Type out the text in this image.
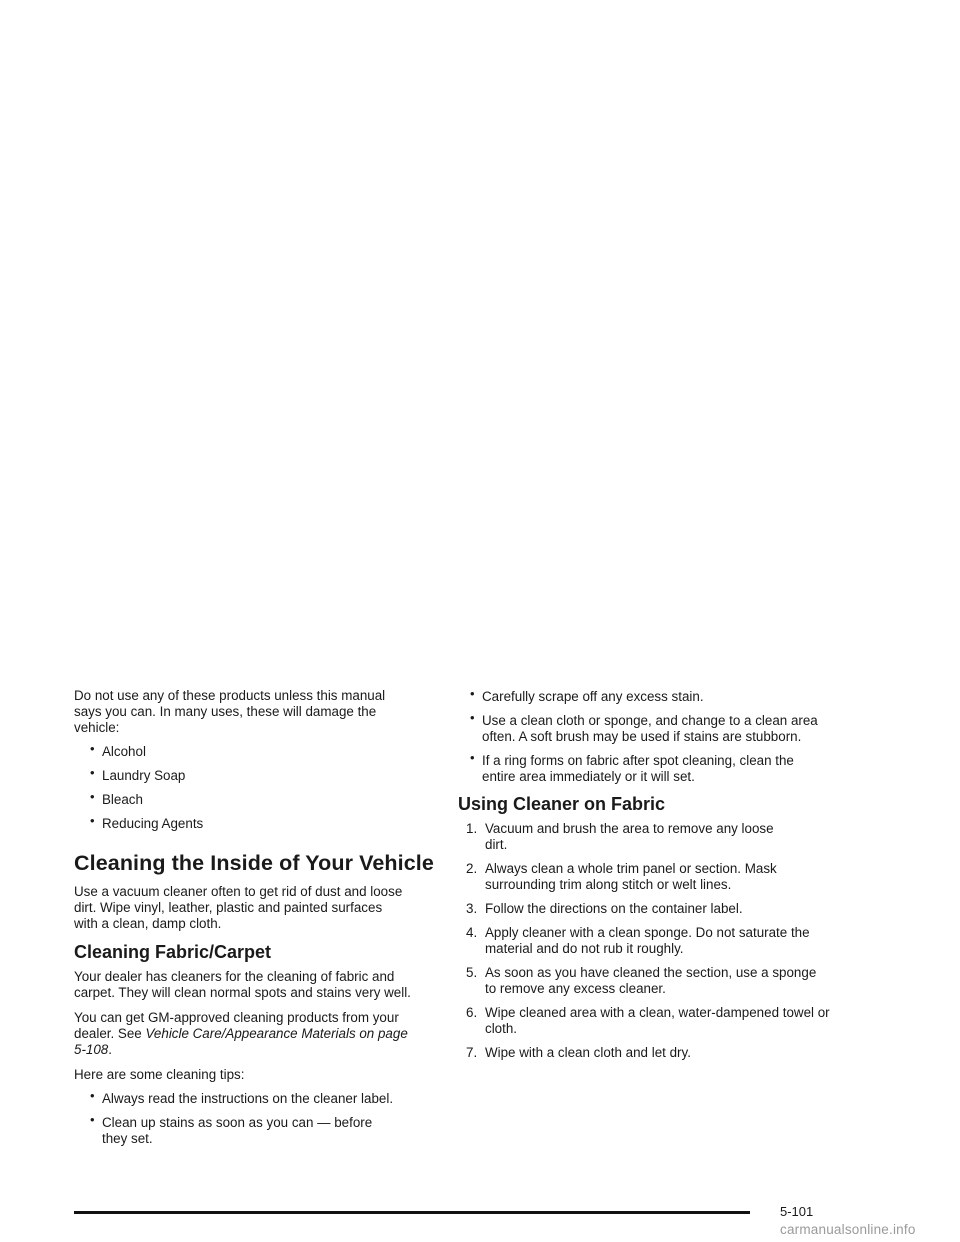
Do not use any of these products unless this manual says you can. In many uses, these will damage the vehicle:

• Alcohol
• Laundry Soap
• Bleach
• Reducing Agents
Cleaning the Inside of Your Vehicle

Use a vacuum cleaner often to get rid of dust and loose dirt. Wipe vinyl, leather, plastic and painted surfaces with a clean, damp cloth.

Cleaning Fabric/Carpet

Your dealer has cleaners for the cleaning of fabric and carpet. They will clean normal spots and stains very well.

You can get GM-approved cleaning products from your dealer. See Vehicle Care/Appearance Materials on page 5-108.

Here are some cleaning tips:

• Always read the instructions on the cleaner label.
• Clean up stains as soon as you can — before they set.
• Carefully scrape off any excess stain.
• Use a clean cloth or sponge, and change to a clean area often. A soft brush may be used if stains are stubborn.
• If a ring forms on fabric after spot cleaning, clean the entire area immediately or it will set.
Using Cleaner on Fabric
1. Vacuum and brush the area to remove any loose dirt.
2. Always clean a whole trim panel or section. Mask surrounding trim along stitch or welt lines.
3. Follow the directions on the container label.
4. Apply cleaner with a clean sponge. Do not saturate the material and do not rub it roughly.
5. As soon as you have cleaned the section, use a sponge to remove any excess cleaner.
6. Wipe cleaned area with a clean, water-dampened towel or cloth.
7. Wipe with a clean cloth and let dry.
5-101
carmanualsonline.info
